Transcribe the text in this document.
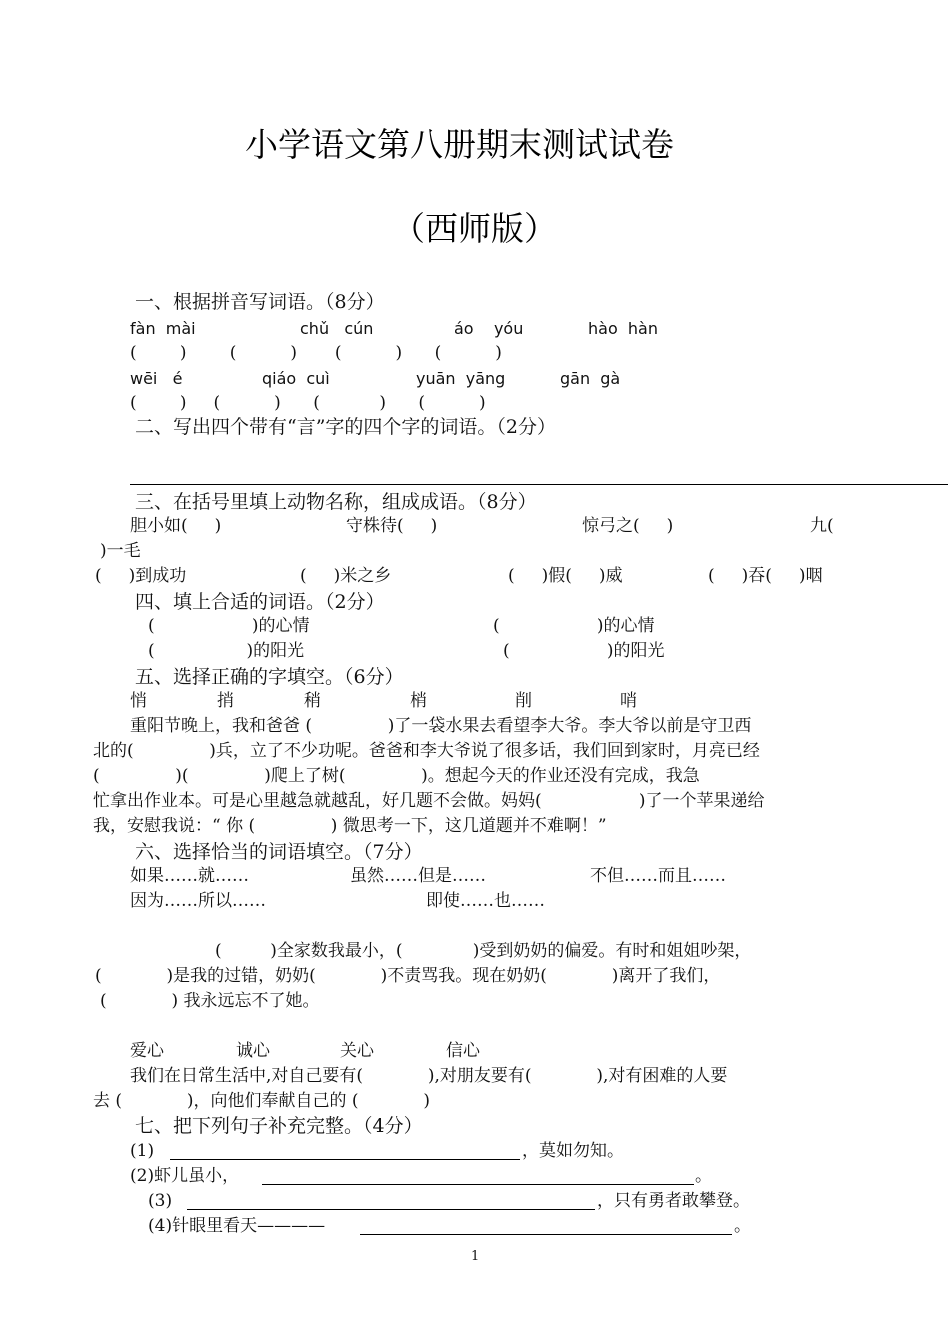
小学语文第八册期末测试试卷
（西师版）
一、根据拼音写词语。（8分）
fàn  mài	chǔ   cún	áo    yóu	hào  hàn
(        )        (          )       (          )      (          )
wēi   é	qiáo  cuì	yuān  yāng	gān  gà
(        )     (          )      (           )      (          )
二、写出四个带有“言”字的四个字的词语。（2分）
三、在括号里填上动物名称，组成成语。（8分）
胆小如(     )	守株待(     )	惊弓之(     )	九(
)一毛
(     )到成功	(     )米之乡	(     )假(     )威	(     )吞(     )咽
四、填上合适的词语。（2分）
(                  )的心情	(                  )的心情
(                 )的阳光	(                  )的阳光
五、选择正确的字填空。（6分）
悄	捎	稍	梢	削	哨
重阳节晚上，我和爸爸 (              )了一袋水果去看望李大爷。李大爷以前是守卫西
北的(              )兵，立了不少功呢。爸爸和李大爷说了很多话，我们回到家时，月亮已经
(              )(              )爬上了树(              )。想起今天的作业还没有完成，我急
忙拿出作业本。可是心里越急就越乱，好几题不会做。妈妈(                  )了一个苹果递给
我，安慰我说：“ 你 (              ) 微思考一下，这几道题并不难啊！”
六、选择恰当的词语填空。（7分）
如果……就……	虽然……但是……	不但……而且……
因为……所以……	即使……也……
(         )全家数我最小，(             )受到奶奶的偏爱。有时和姐姐吵架，
(            )是我的过错，奶奶(            )不责骂我。现在奶奶(            )离开了我们，
(            ) 我永远忘不了她。
爱心	诚心	关心	信心
我们在日常生活中,对自己要有(            ),对朋友要有(            ),对有困难的人要
去 (            )，向他们奉献自己的 (            )
七、把下列句子补充完整。（4分）
(1)	，莫如勿知。
(2)虾儿虽小，	。
(3)	，只有勇者敢攀登。
(4)针眼里看天————	。
1
